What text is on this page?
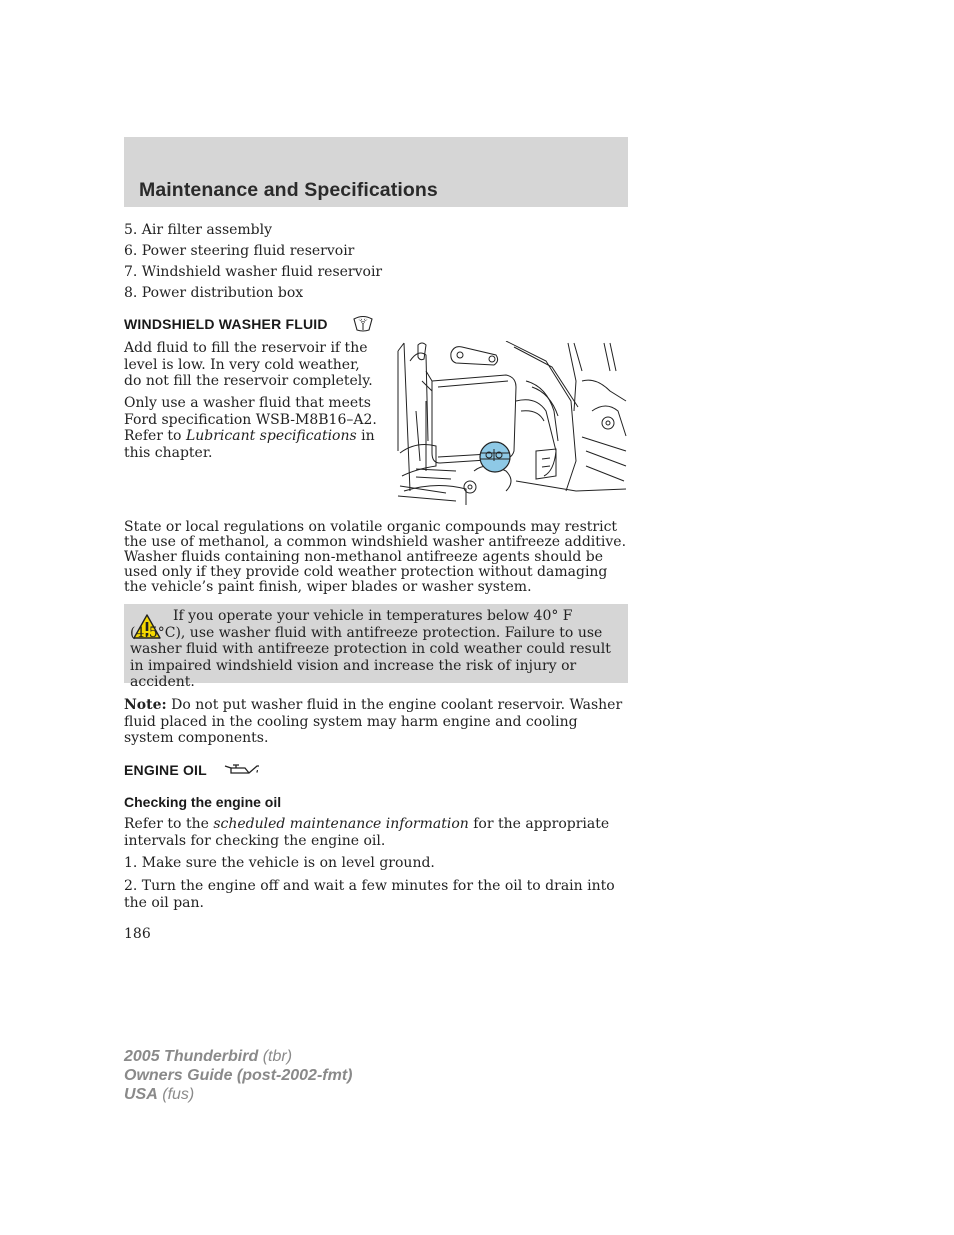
Maintenance and Specifications
5. Air filter assembly
6. Power steering fluid reservoir
7. Windshield washer fluid reservoir
8. Power distribution box
WINDSHIELD WASHER FLUID
Add fluid to fill the reservoir if the level is low. In very cold weather, do not fill the reservoir completely.
Only use a washer fluid that meets Ford specification WSB-M8B16–A2. Refer to Lubricant specifications in this chapter.
State or local regulations on volatile organic compounds may restrict the use of methanol, a common windshield washer antifreeze additive. Washer fluids containing non-methanol antifreeze agents should be used only if they provide cold weather protection without damaging the vehicle’s paint finish, wiper blades or washer system.
If you operate your vehicle in temperatures below 40° F (4.5°C), use washer fluid with antifreeze protection. Failure to use washer fluid with antifreeze protection in cold weather could result in impaired windshield vision and increase the risk of injury or accident.
Note: Do not put washer fluid in the engine coolant reservoir. Washer fluid placed in the cooling system may harm engine and cooling system components.
ENGINE OIL
Checking the engine oil
Refer to the scheduled maintenance information for the appropriate intervals for checking the engine oil.
1. Make sure the vehicle is on level ground.
2. Turn the engine off and wait a few minutes for the oil to drain into the oil pan.
186
2005 Thunderbird (tbr)
Owners Guide (post-2002-fmt)
USA (fus)
